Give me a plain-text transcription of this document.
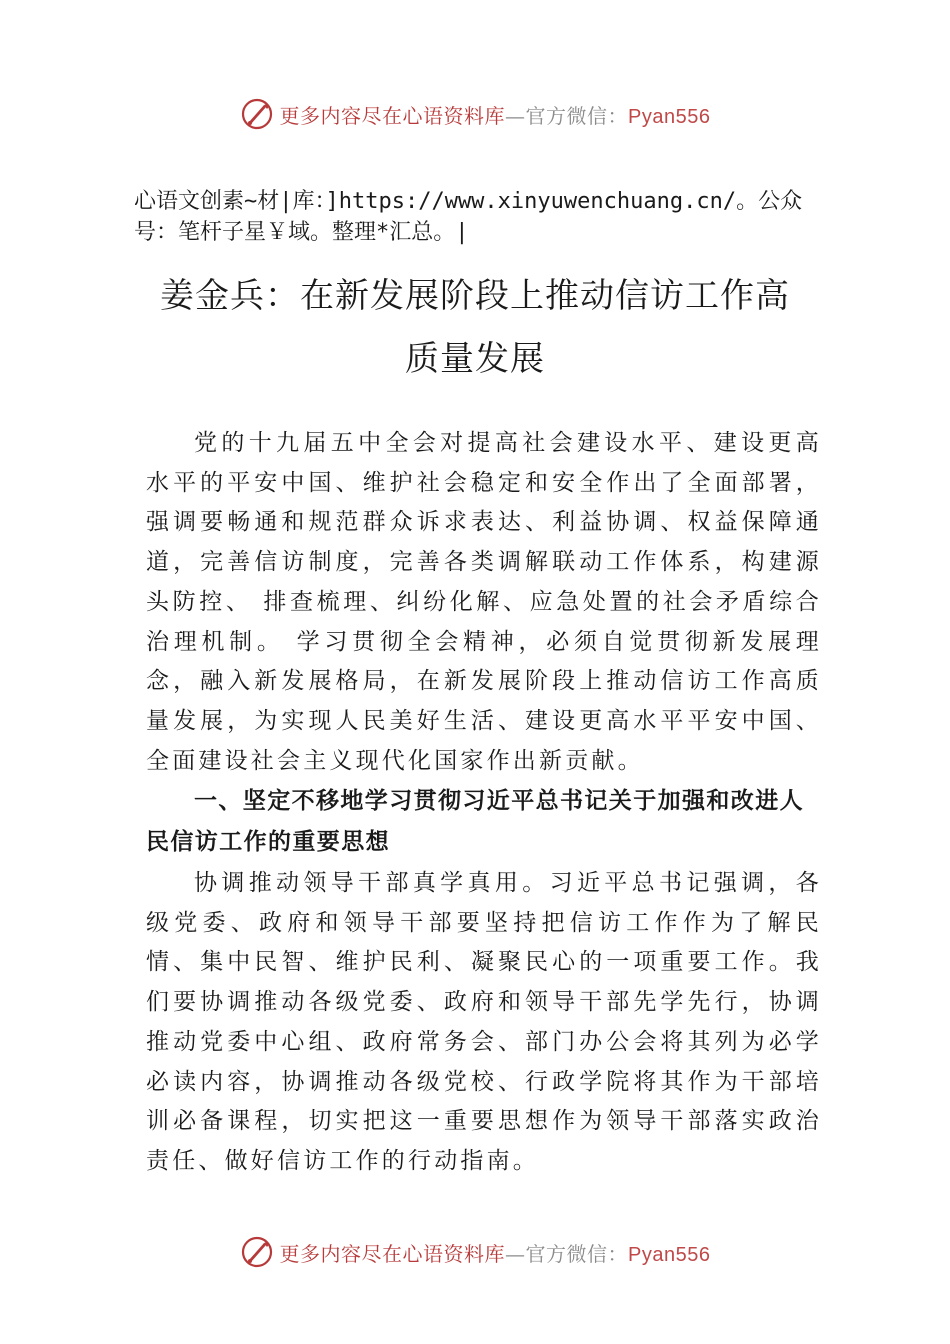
更多内容尽在心语资料库—官方微信：Pyan556
心语文创素~材|库：]https://www.xinyuwenchuang.cn/。公众号：笔杆子星￥域。整理*汇总。|
姜金兵：在新发展阶段上推动信访工作高
质量发展
党的十九届五中全会对提高社会建设水平、建设更高水平的平安中国、维护社会稳定和安全作出了全面部署，强调要畅通和规范群众诉求表达、利益协调、权益保障通道，完善信访制度，完善各类调解联动工作体系，构建源头防控、 排查梳理、纠纷化解、应急处置的社会矛盾综合治理机制。 学习贯彻全会精神，必须自觉贯彻新发展理念，融入新发展格局，在新发展阶段上推动信访工作高质量发展，为实现人民美好生活、建设更高水平平安中国、全面建设社会主义现代化国家作出新贡献。
一、坚定不移地学习贯彻习近平总书记关于加强和改进人民信访工作的重要思想
协调推动领导干部真学真用。习近平总书记强调，各级党委、政府和领导干部要坚持把信访工作作为了解民情、集中民智、维护民利、凝聚民心的一项重要工作。我们要协调推动各级党委、政府和领导干部先学先行，协调推动党委中心组、政府常务会、部门办公会将其列为必学必读内容，协调推动各级党校、行政学院将其作为干部培训必备课程，切实把这一重要思想作为领导干部落实政治责任、做好信访工作的行动指南。
更多内容尽在心语资料库—官方微信：Pyan556
